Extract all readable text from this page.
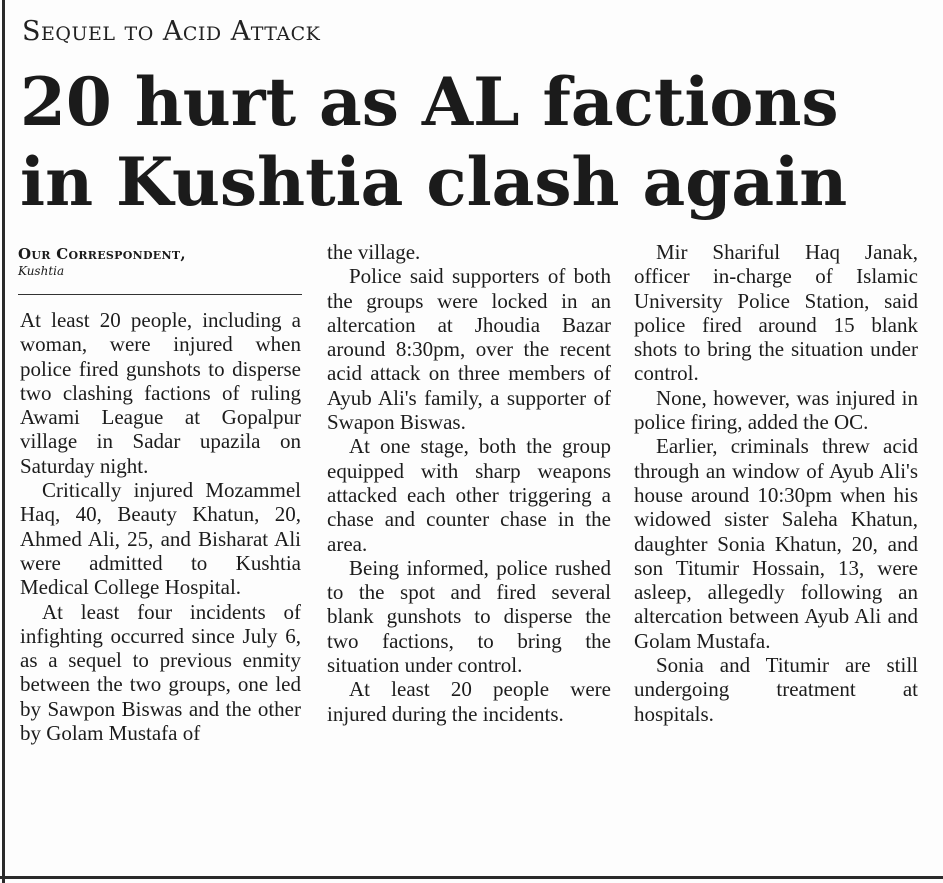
Sequel to Acid Attack
20 hurt as AL factions in Kushtia clash again
Our Correspondent,
Kushtia

At least 20 people, including a woman, were injured when police fired gunshots to disperse two clashing factions of ruling Awami League at Gopalpur village in Sadar upazila on Saturday night.

Critically injured Mozammel Haq, 40, Beauty Khatun, 20, Ahmed Ali, 25, and Bisharat Ali were admitted to Kushtia Medical College Hospital.

At least four incidents of infighting occurred since July 6, as a sequel to previous enmity between the two groups, one led by Sawpon Biswas and the other by Golam Mustafa of

the village.

Police said supporters of both the groups were locked in an altercation at Jhoudia Bazar around 8:30pm, over the recent acid attack on three members of Ayub Ali's family, a supporter of Swapon Biswas.

At one stage, both the group equipped with sharp weapons attacked each other triggering a chase and counter chase in the area.

Being informed, police rushed to the spot and fired several blank gunshots to disperse the two factions, to bring the situation under control.

At least 20 people were injured during the incidents.

Mir Shariful Haq Janak, officer in-charge of Islamic University Police Station, said police fired around 15 blank shots to bring the situation under control.

None, however, was injured in police firing, added the OC.

Earlier, criminals threw acid through an window of Ayub Ali's house around 10:30pm when his widowed sister Saleha Khatun, daughter Sonia Khatun, 20, and son Titumir Hossain, 13, were asleep, allegedly following an altercation between Ayub Ali and Golam Mustafa.

Sonia and Titumir are still undergoing treatment at hospitals.
